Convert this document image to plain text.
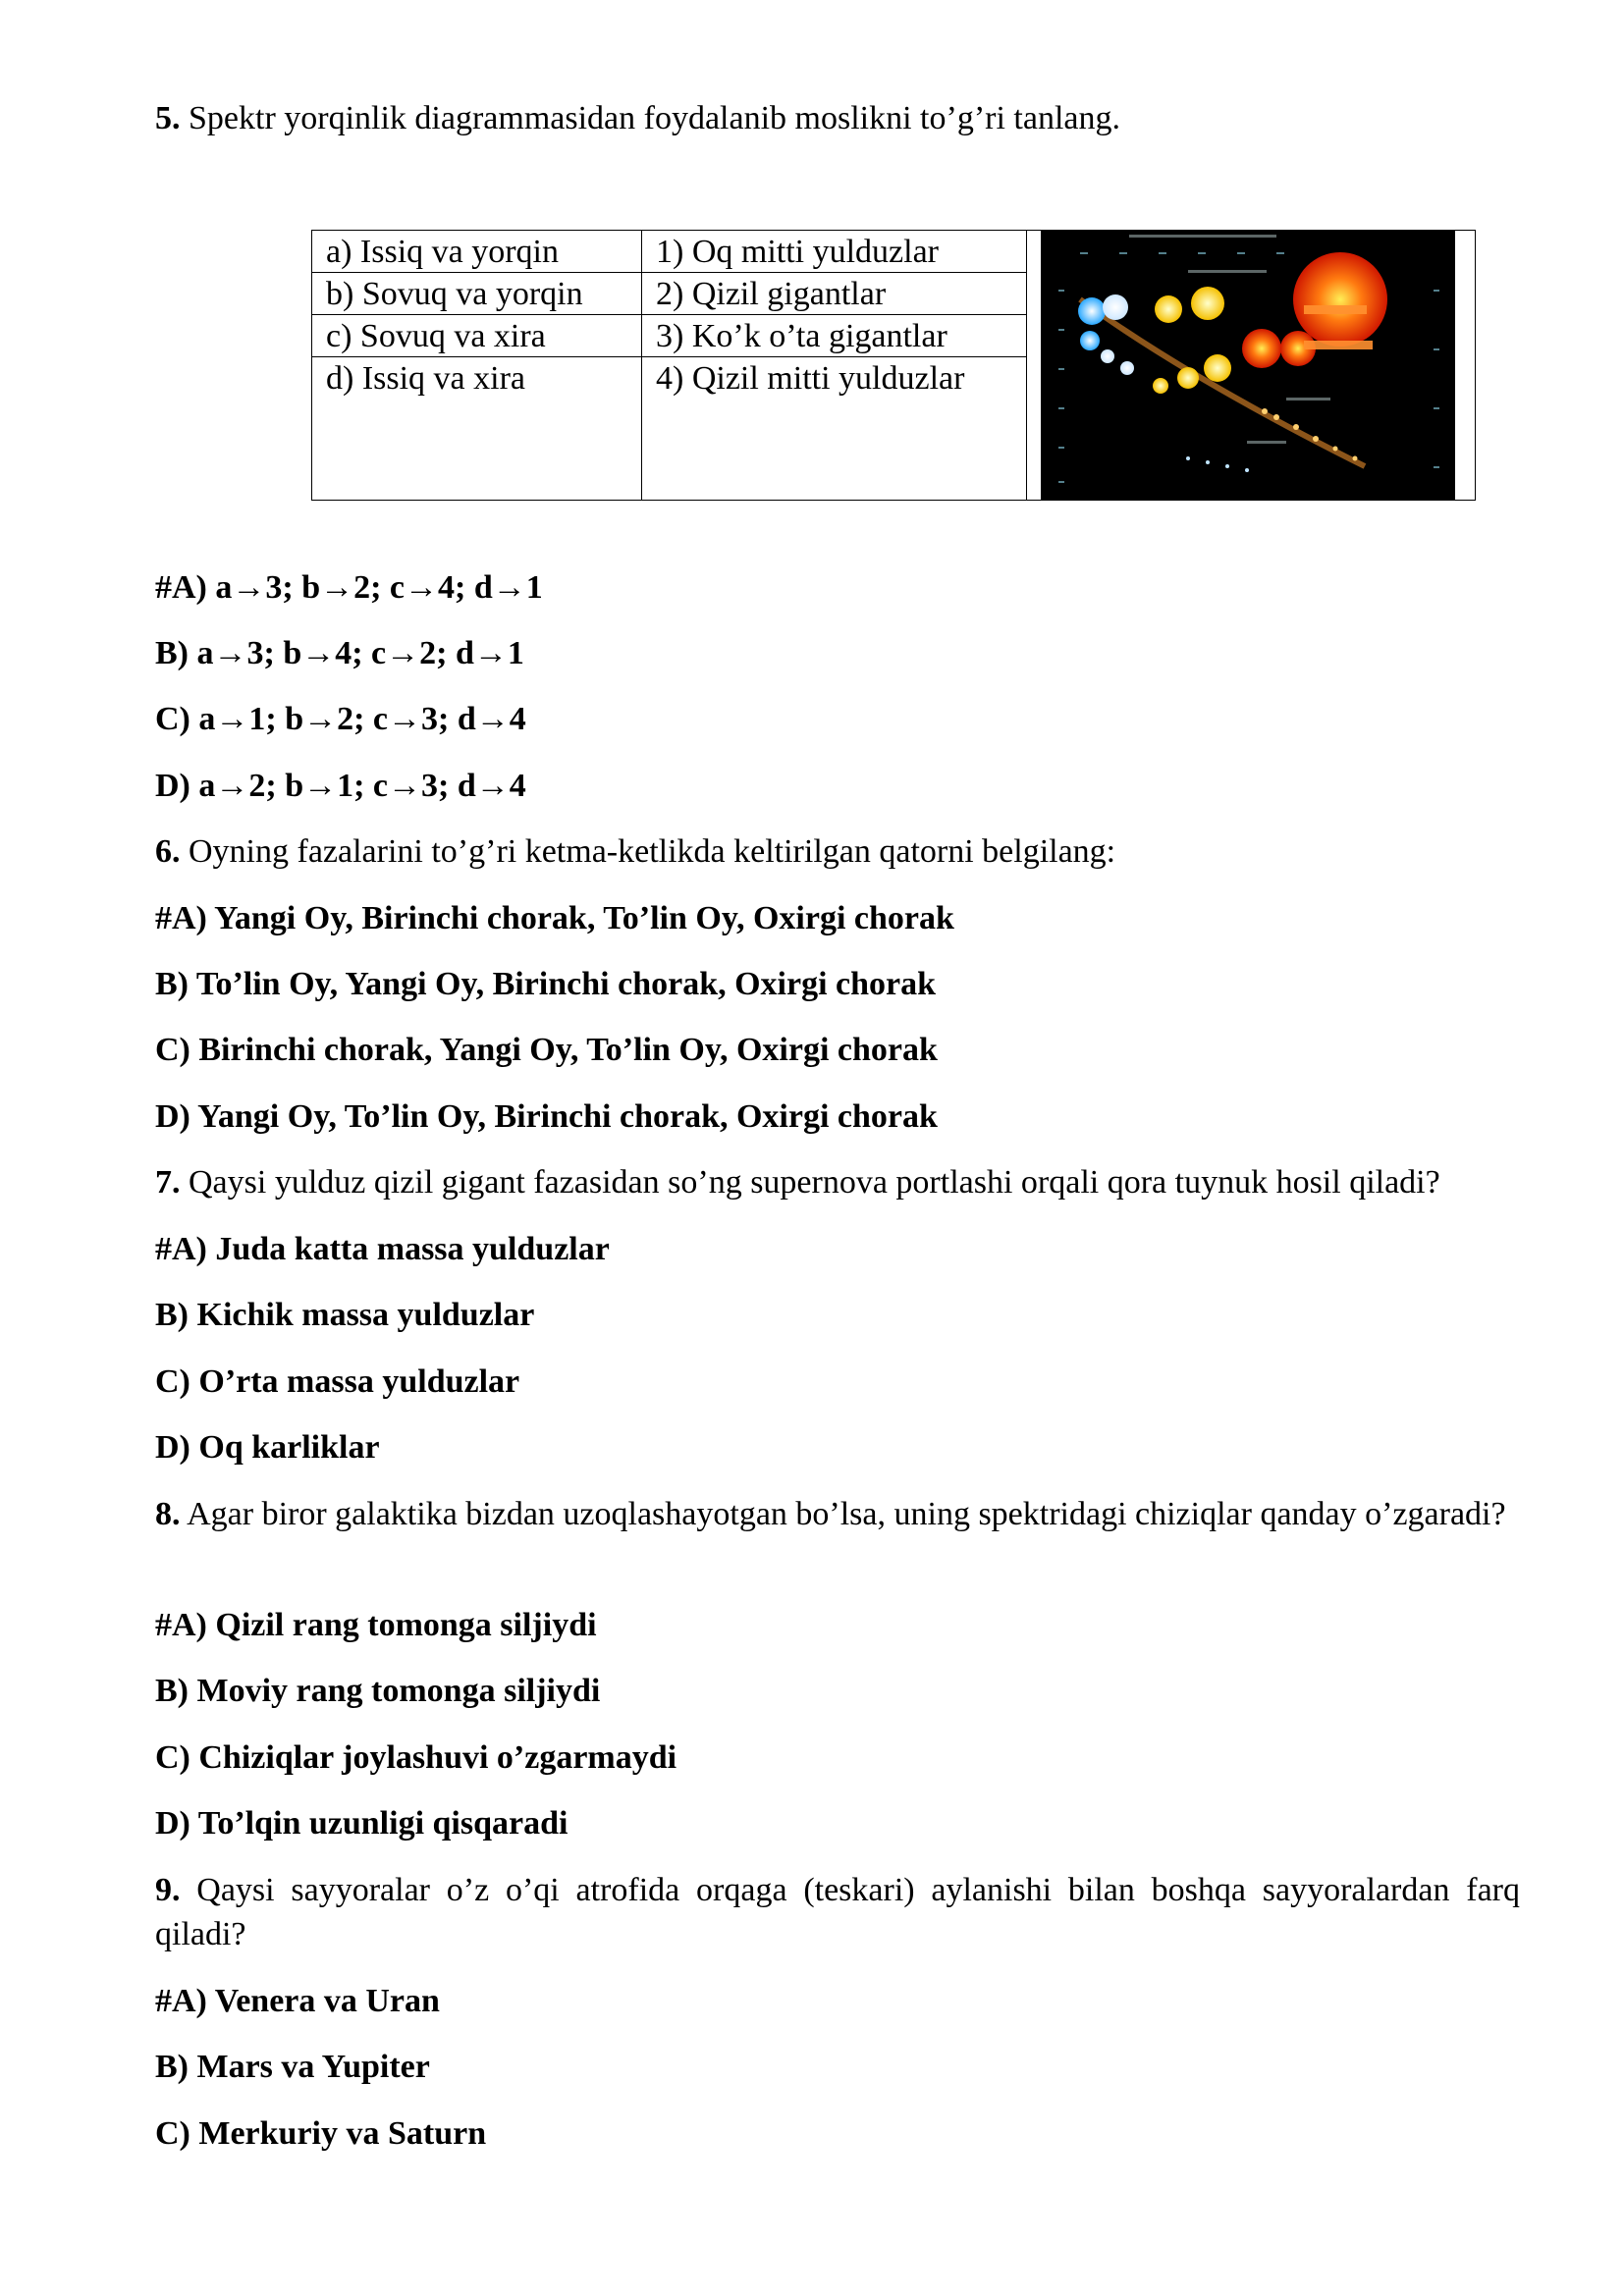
5. Spektr yorqinlik diagrammasidan foydalanib moslikni to’g’ri tanlang.
a) Issiq va yorqin
b) Sovuq va yorqin
c) Sovuq va xira
d) Issiq va xira
1) Oq mitti yulduzlar
2) Qizil gigantlar
3) Ko’k o’ta gigantlar
4) Qizil mitti yulduzlar
#A) a→3; b→2; c→4; d→1
B) a→3; b→4; c→2; d→1
C) a→1; b→2; c→3; d→4
D) a→2; b→1; c→3; d→4
6. Oyning fazalarini to’g’ri ketma-ketlikda keltirilgan qatorni belgilang:
#A) Yangi Oy, Birinchi chorak, To’lin Oy, Oxirgi chorak
B) To’lin Oy, Yangi Oy, Birinchi chorak, Oxirgi chorak
C) Birinchi chorak, Yangi Oy, To’lin Oy, Oxirgi chorak
D) Yangi Oy, To’lin Oy, Birinchi chorak, Oxirgi chorak
7. Qaysi yulduz qizil gigant fazasidan so’ng supernova portlashi orqali qora tuynuk hosil qiladi?
#A) Juda katta massa yulduzlar
B) Kichik massa yulduzlar
C) O’rta massa yulduzlar
D) Oq karliklar
8. Agar biror galaktika bizdan uzoqlashayotgan bo’lsa, uning spektridagi chiziqlar qanday o’zgaradi?
#A) Qizil rang tomonga siljiydi
B) Moviy rang tomonga siljiydi
C) Chiziqlar joylashuvi o’zgarmaydi
D) To’lqin uzunligi qisqaradi
9. Qaysi sayyoralar o’z o’qi atrofida orqaga (teskari) aylanishi bilan boshqa sayyoralardan farq qiladi?
#A) Venera va Uran
B) Mars va Yupiter
C) Merkuriy va Saturn
